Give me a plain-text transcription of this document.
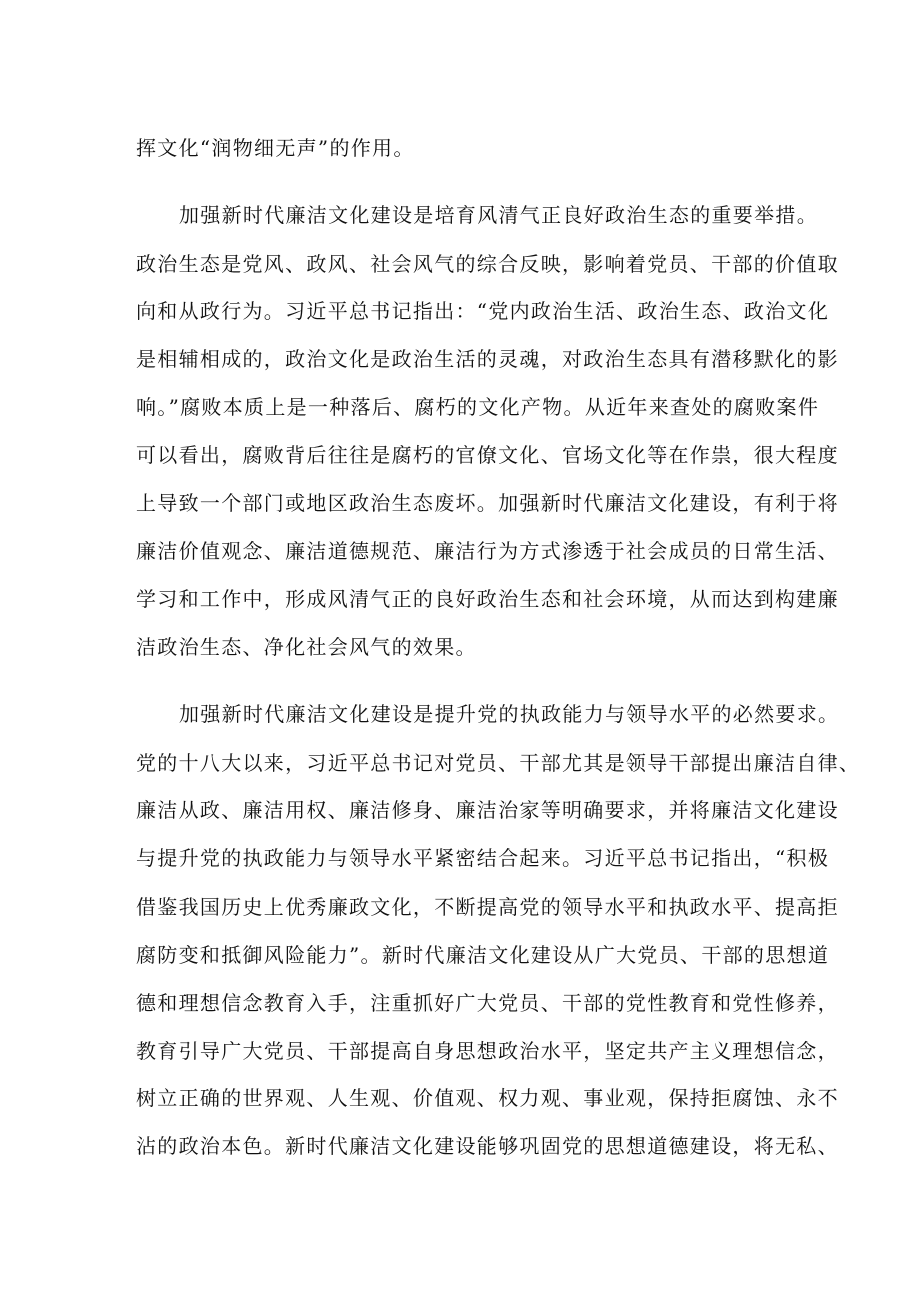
挥文化“润物细无声”的作用。

加强新时代廉洁文化建设是培育风清气正良好政治生态的重要举措。

政治生态是党风、政风、社会风气的综合反映，影响着党员、干部的价值取

向和从政行为。习近平总书记指出：“党内政治生活、政治生态、政治文化

是相辅相成的，政治文化是政治生活的灵魂，对政治生态具有潜移默化的影

响。”腐败本质上是一种落后、腐朽的文化产物。从近年来查处的腐败案件

可以看出，腐败背后往往是腐朽的官僚文化、官场文化等在作祟，很大程度

上导致一个部门或地区政治生态废坏。加强新时代廉洁文化建设，有利于将

廉洁价值观念、廉洁道德规范、廉洁行为方式渗透于社会成员的日常生活、

学习和工作中，形成风清气正的良好政治生态和社会环境，从而达到构建廉

洁政治生态、净化社会风气的效果。

加强新时代廉洁文化建设是提升党的执政能力与领导水平的必然要求。

党的十八大以来，习近平总书记对党员、干部尤其是领导干部提出廉洁自律、

廉洁从政、廉洁用权、廉洁修身、廉洁治家等明确要求，并将廉洁文化建设

与提升党的执政能力与领导水平紧密结合起来。习近平总书记指出，“积极

借鉴我国历史上优秀廉政文化，不断提高党的领导水平和执政水平、提高拒

腐防变和抵御风险能力”。新时代廉洁文化建设从广大党员、干部的思想道

德和理想信念教育入手，注重抓好广大党员、干部的党性教育和党性修养，

教育引导广大党员、干部提高自身思想政治水平，坚定共产主义理想信念，

树立正确的世界观、人生观、价值观、权力观、事业观，保持拒腐蚀、永不

沾的政治本色。新时代廉洁文化建设能够巩固党的思想道德建设，将无私、
